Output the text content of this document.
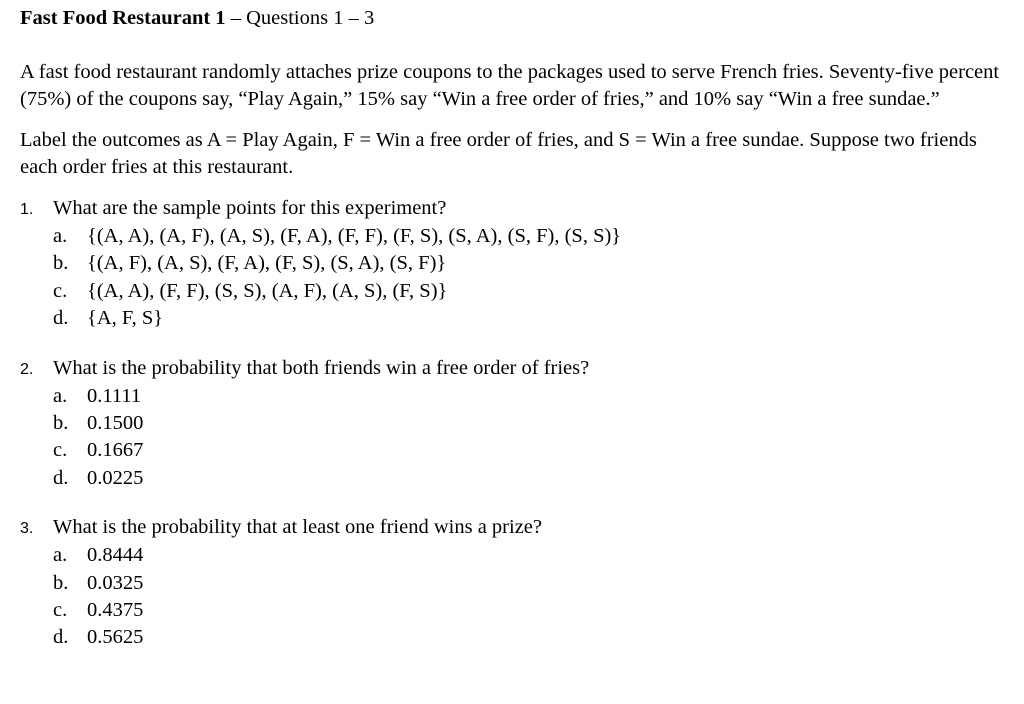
Fast Food Restaurant 1 – Questions 1 – 3

A fast food restaurant randomly attaches prize coupons to the packages used to serve French fries. Seventy-five percent (75%) of the coupons say, “Play Again,” 15% say “Win a free order of fries,” and 10% say “Win a free sundae.”

Label the outcomes as A = Play Again, F = Win a free order of fries, and S = Win a free sundae. Suppose two friends each order fries at this restaurant.

1. What are the sample points for this experiment?
a. {(A, A), (A, F), (A, S), (F, A), (F, F), (F, S), (S, A), (S, F), (S, S)}
b. {(A, F), (A, S), (F, A), (F, S), (S, A), (S, F)}
c. {(A, A), (F, F), (S, S), (A, F), (A, S), (F, S)}
d. {A, F, S}
2. What is the probability that both friends win a free order of fries?
a. 0.1111
b. 0.1500
c. 0.1667
d. 0.0225
3. What is the probability that at least one friend wins a prize?
a. 0.8444
b. 0.0325
c. 0.4375
d. 0.5625
